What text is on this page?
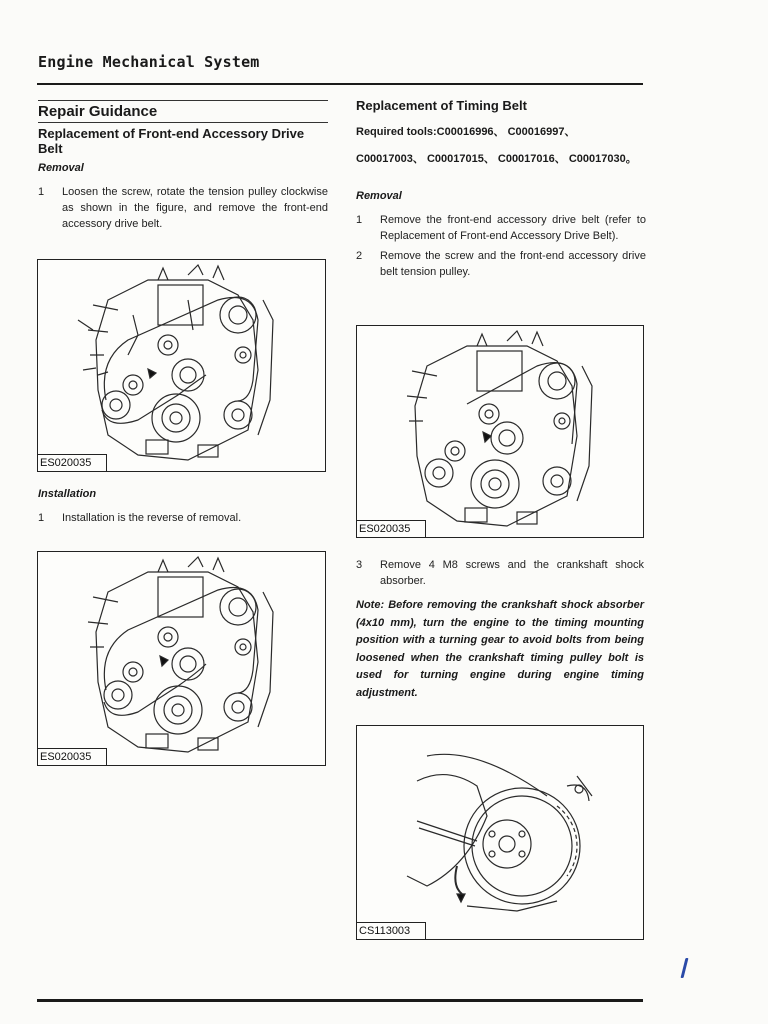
Engine Mechanical System
Repair Guidance
Replacement of Front-end Accessory Drive Belt
Removal
1	Loosen the screw, rotate the tension pulley clockwise as shown in the figure, and remove the front-end accessory drive belt.
ES020035
Installation
1	Installation is the reverse of removal.
ES020035
Replacement of Timing Belt
Required tools:C00016996、 C00016997、
C00017003、 C00017015、 C00017016、 C00017030。
Removal
1	Remove the front-end accessory drive belt (refer to Replacement of Front-end Accessory Drive Belt).
2	Remove the screw and the front-end accessory drive belt tension pulley.
ES020035
3	Remove 4 M8 screws and the crankshaft shock absorber.
Note: Before removing the crankshaft shock absorber (4x10 mm), turn the engine to the timing mounting position with a turning gear to avoid bolts from being loosened when the crankshaft timing pulley bolt is used for turning engine during engine timing adjustment.
CS113003
